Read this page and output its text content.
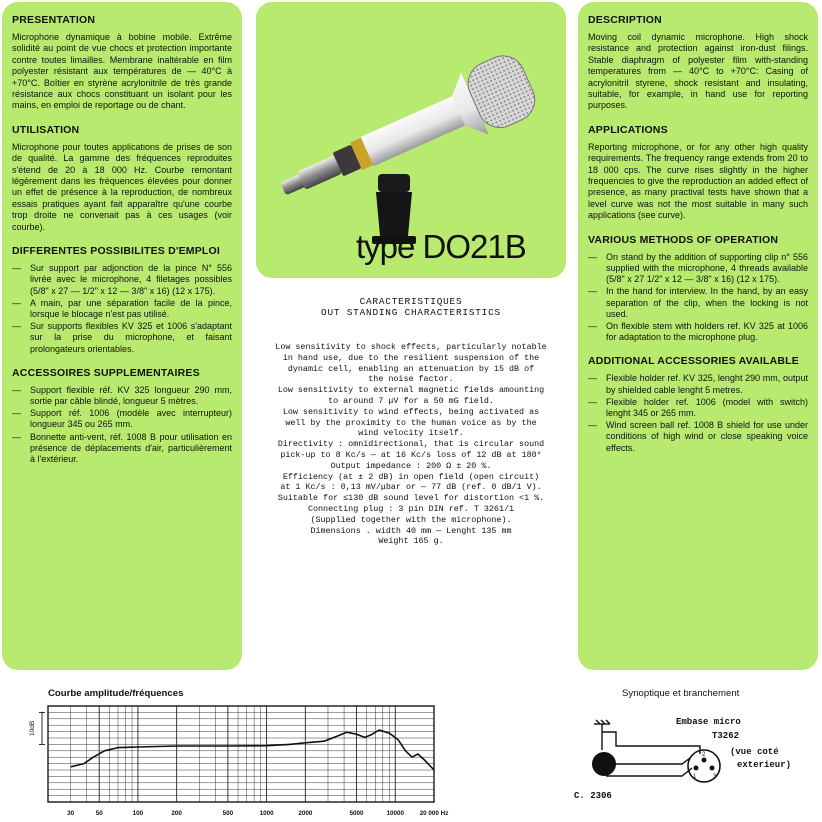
PRESENTATION

Microphone dynamique à bobine mobile. Extrême solidité au point de vue chocs et protection importante contre toutes limailles. Membrane inaltérable en film polyester résistant aux températures de — 40°C à +70°C. Boîtier en styrène acrylonitrile de très grande résistance aux chocs constituant un isolant pour les mains, en emploi de reportage ou de chant.

UTILISATION

Microphone pour toutes applications de prises de son de qualité. La gamme des fréquences reproduites s'étend de 20 à 18 000 Hz. Courbe remontant légèrement dans les fréquences élevées pour donner un effet de présence à la reproduction, de nombreux essais pratiques ayant fait apparaître qu'une courbe trop droite ne convenait pas à ces usages (voir courbe).

DIFFERENTES POSSIBILITES D'EMPLOI
— Sur support par adjonction de la pince N° 556 livrée avec le microphone, 4 filetages possibles (5/8" x 27 — 1/2" x 12 — 3/8" x 16) (12 x 175).
— A main, par une séparation facile de la pince, lorsque le blocage n'est pas utilisé.
— Sur supports flexibles KV 325 et 1006 s'adaptant sur la prise du microphone, et faisant prolongateurs orientables.
ACCESSOIRES SUPPLEMENTAIRES
— Support flexible réf. KV 325 longueur 290 mm, sortie par câble blindé, longueur 5 mètres.
— Support réf. 1006 (modèle avec interrupteur) longueur 345 ou 265 mm.
— Bonnette anti-vent, réf. 1008 B pour utilisation en présence de déplacements d'air, particulièrement à l'extérieur.
type DO21B
CARACTERISTIQUES
OUT STANDING CHARACTERISTICS
Low sensitivity to shock effects, particularly notable
in hand use, due to the resilient suspension of the
dynamic cell, enabling an attenuation by 15 dB of
the noise factor.
Low sensitivity to external magnetic fields amounting
to around 7 μV for a 50 mG field.
Low sensitivity to wind effects, being activated as
well by the proximity to the human voice as by the
wind velocity itself.
Directivity : omnidirectional, that is circular sound
pick-up to 8 Kc/s — at 16 Kc/s loss of 12 dB at 180°
Output impedance : 200 Ω ± 20 %.
Efficiency (at ± 2 dB) in open field (open circuit)
at 1 Kc/s : 0,13 mV/μbar or — 77 dB (ref. 0 dB/1 V).
Suitable for ≤130 dB sound level for distortion <1 %.
Connecting plug : 3 pin DIN ref. T 3261/1
(Supplied together with the microphone).
Dimensions . width 40 mm — Lenght 135 mm
Weight 165 g.
DESCRIPTION

Moving coil dynamic microphone. High shock resistance and protection against iron-dust filings. Stable diaphragm of polyester film with-standing temperatures from — 40°C to +70°C: Casing of acrylonitril styrene, shock resistant and insulating, suitable, for example, in hand use for reporting purposes.

APPLICATIONS

Reporting microphone, or for any other high quality requirements. The frequency range extends from 20 to 18 000 cps. The curve rises slightly in the higher frequencies to give the reproduction an added effect of presence, as many practival tests have shown that a level curve was not the most suitable in many such applications (see curve).

VARIOUS METHODS OF OPERATION
— On stand by the addition of supporting clip n° 556 supplied with the microphone, 4 threads available (5/8" x 27 1/2" x 12 — 3/8" x 16) (12 x 175).
— In the hand for interview. In the hand, by an easy separation of the clip, when the locking is not used.
— On flexible stem with holders ref. KV 325 at 1006 for adaptation to the microphone plug.
ADDITIONAL ACCESSORIES AVAILABLE
— Flexible holder ref. KV 325, lenght 290 mm, output by shielded cable lenght 5 metres.
— Flexible holder ref. 1006 (model with switch) lenght 345 or 265 mm.
— Wind screen ball ref. 1008 B shield for use under conditions of high wind or close speaking voice effects.
Courbe amplitude/fréquences
10dB
30	50	100	200	500	1000	2000	5000	10000 20 000 Hz
Synoptique et branchement
Embase micro
T3262
(vue coté
exterieur)
C. 2306
1
2
3
